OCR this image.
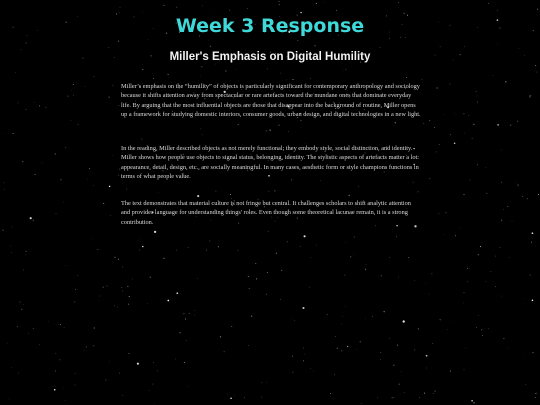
Week 3 Response
Miller's Emphasis on Digital Humility

Miller’s emphasis on the “humility” of objects is particularly significant for contemporary anthropology and sociology because it shifts attention away from spectacular or rare artefacts toward the mundane ones that dominate everyday life. By arguing that the most influential objects are those that disappear into the background of routine, Miller opens up a framework for studying domestic interiors, consumer goods, urban design, and digital technologies in a new light.

In the reading, Miller described objects as not merely functional; they embody style, social distinction, and identity. Miller shows how people use objects to signal status, belonging, identity. The stylistic aspects of artefacts matter a lot: appearance, detail, design, etc., are socially meaningful. In many cases, aesthetic form or style champions functions in terms of what people value.

The text demonstrates that material culture is not fringe but central. It challenges scholars to shift analytic attention and provides language for understanding things' roles. Even though some theoretical lacunae remain, it is a strong contribution.
